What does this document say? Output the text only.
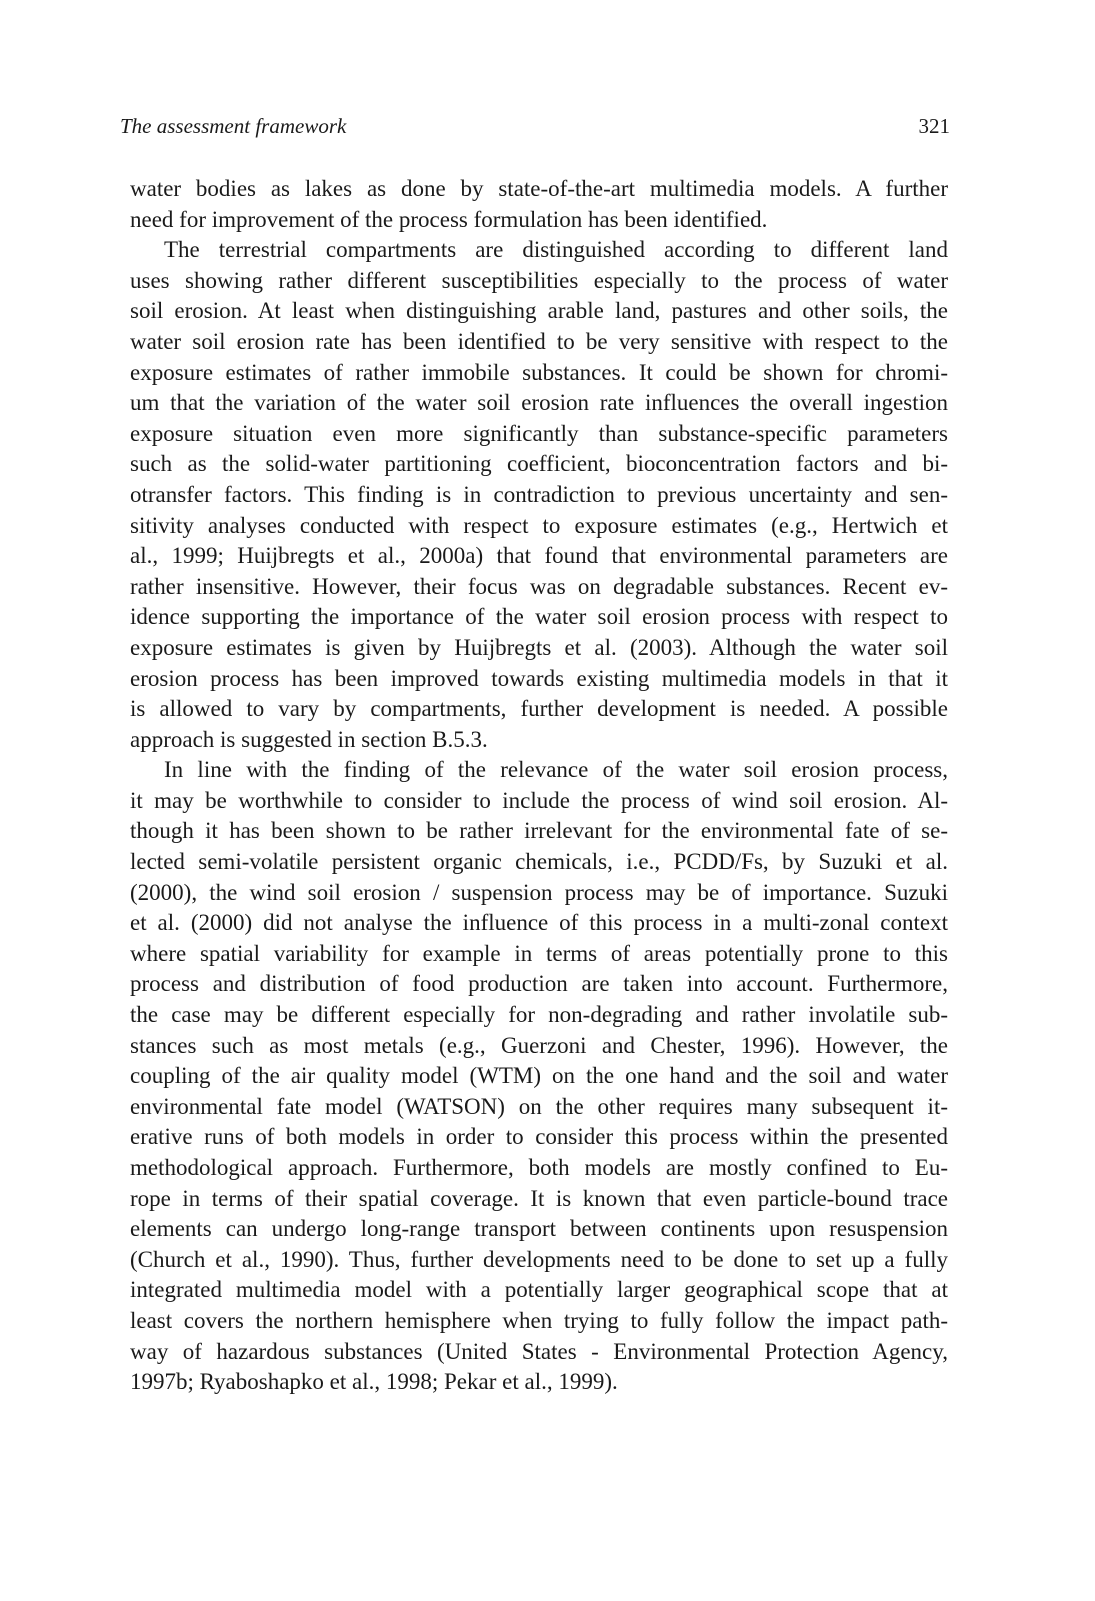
The assessment framework	321
water bodies as lakes as done by state-of-the-art multimedia models. A further
need for improvement of the process formulation has been identified.
The terrestrial compartments are distinguished according to different land
uses showing rather different susceptibilities especially to the process of water
soil erosion. At least when distinguishing arable land, pastures and other soils, the
water soil erosion rate has been identified to be very sensitive with respect to the
exposure estimates of rather immobile substances. It could be shown for chromi-
um that the variation of the water soil erosion rate influences the overall ingestion
exposure situation even more significantly than substance-specific parameters
such as the solid-water partitioning coefficient, bioconcentration factors and bi-
otransfer factors. This finding is in contradiction to previous uncertainty and sen-
sitivity analyses conducted with respect to exposure estimates (e.g., Hertwich et
al., 1999; Huijbregts et al., 2000a) that found that environmental parameters are
rather insensitive. However, their focus was on degradable substances. Recent ev-
idence supporting the importance of the water soil erosion process with respect to
exposure estimates is given by Huijbregts et al. (2003). Although the water soil
erosion process has been improved towards existing multimedia models in that it
is allowed to vary by compartments, further development is needed. A possible
approach is suggested in section B.5.3.
In line with the finding of the relevance of the water soil erosion process,
it may be worthwhile to consider to include the process of wind soil erosion. Al-
though it has been shown to be rather irrelevant for the environmental fate of se-
lected semi-volatile persistent organic chemicals, i.e., PCDD/Fs, by Suzuki et al.
(2000), the wind soil erosion / suspension process may be of importance. Suzuki
et al. (2000) did not analyse the influence of this process in a multi-zonal context
where spatial variability for example in terms of areas potentially prone to this
process and distribution of food production are taken into account. Furthermore,
the case may be different especially for non-degrading and rather involatile sub-
stances such as most metals (e.g., Guerzoni and Chester, 1996). However, the
coupling of the air quality model (WTM) on the one hand and the soil and water
environmental fate model (WATSON) on the other requires many subsequent it-
erative runs of both models in order to consider this process within the presented
methodological approach. Furthermore, both models are mostly confined to Eu-
rope in terms of their spatial coverage. It is known that even particle-bound trace
elements can undergo long-range transport between continents upon resuspension
(Church et al., 1990). Thus, further developments need to be done to set up a fully
integrated multimedia model with a potentially larger geographical scope that at
least covers the northern hemisphere when trying to fully follow the impact path-
way of hazardous substances (United States - Environmental Protection Agency,
1997b; Ryaboshapko et al., 1998; Pekar et al., 1999).
